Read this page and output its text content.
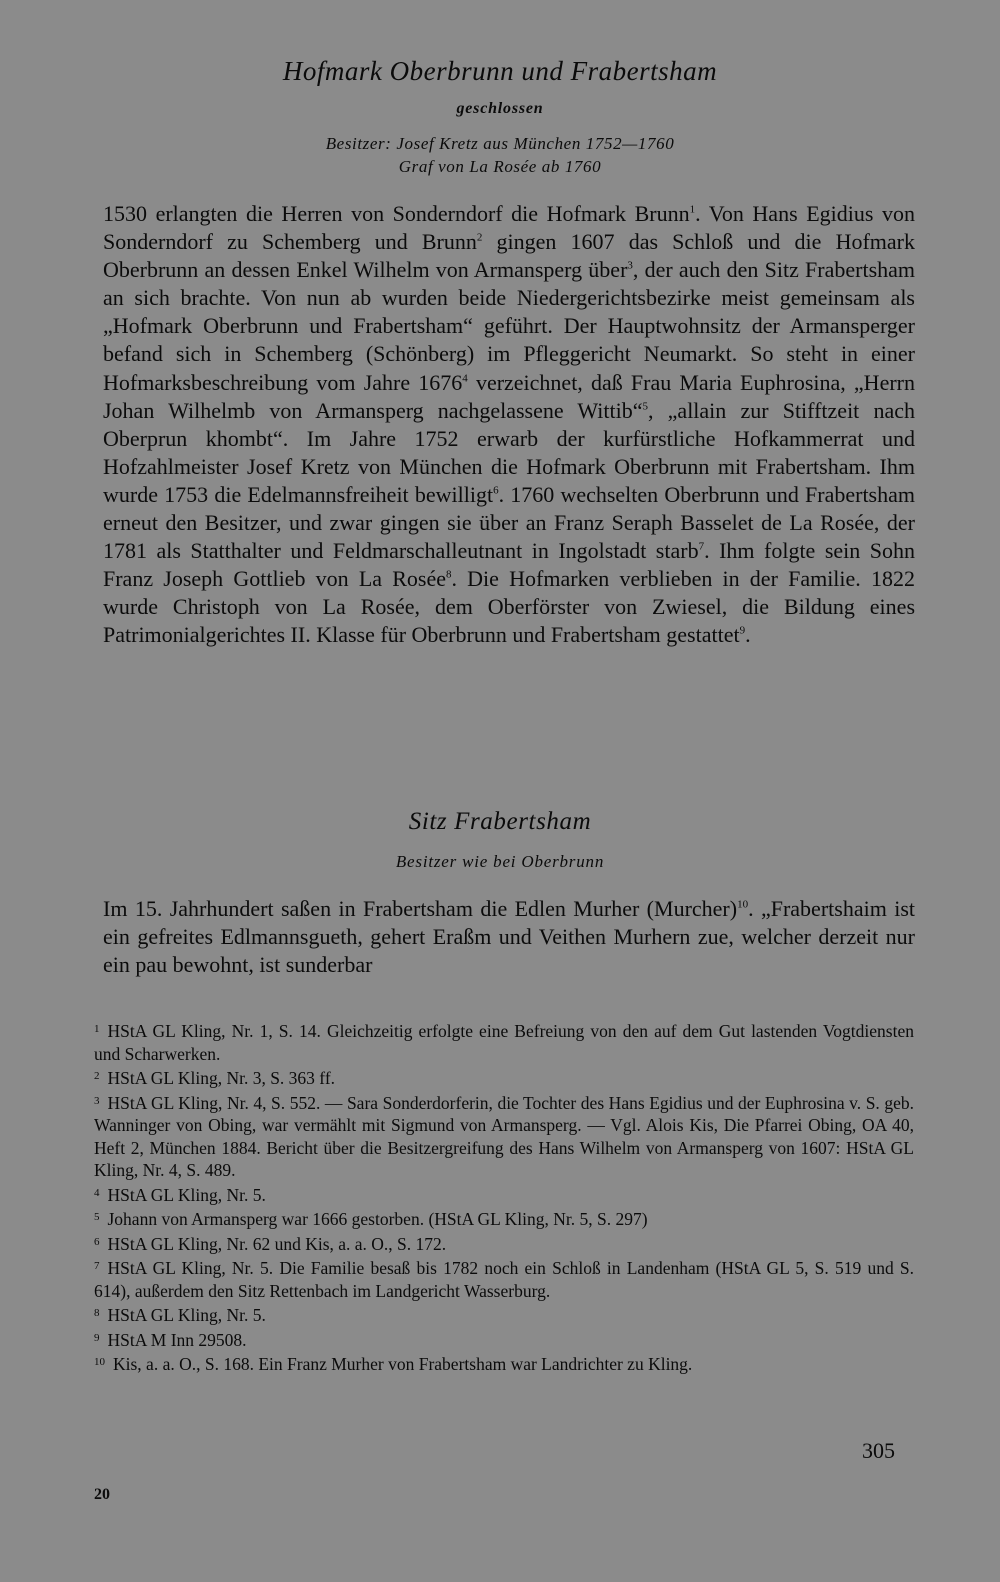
Hofmark Oberbrunn und Frabertsham
geschlossen
Besitzer: Josef Kretz aus München 1752—1760
Graf von La Rosée ab 1760

1530 erlangten die Herren von Sonderndorf die Hofmark Brunn$^1$. Von Hans Egidius von Sonderndorf zu Schemberg und Brunn$^2$ gingen 1607 das Schloß und die Hofmark Oberbrunn an dessen Enkel Wilhelm von Armansperg über$^3$, der auch den Sitz Frabertsham an sich brachte. Von nun ab wurden beide Niedergerichtsbezirke meist gemeinsam als „Hofmark Oberbrunn und Frabertsham“ geführt. Der Hauptwohnsitz der Armansperger befand sich in Schemberg (Schönberg) im Pfleggericht Neumarkt. So steht in einer Hofmarksbeschreibung vom Jahre 1676$^4$ verzeichnet, daß Frau Maria Euphrosina, „Herrn Johan Wilhelmb von Armansperg nachgelassene Wittib“$^5$, „allain zur Stifftzeit nach Oberprun khombt“. Im Jahre 1752 erwarb der kurfürstliche Hofkammerrat und Hofzahlmeister Josef Kretz von München die Hofmark Oberbrunn mit Frabertsham. Ihm wurde 1753 die Edelmannsfreiheit bewilligt$^6$. 1760 wechselten Oberbrunn und Frabertsham erneut den Besitzer, und zwar gingen sie über an Franz Seraph Basselet de La Rosée, der 1781 als Statthalter und Feldmarschalleutnant in Ingolstadt starb$^7$. Ihm folgte sein Sohn Franz Joseph Gottlieb von La Rosée$^8$. Die Hofmarken verblieben in der Familie. 1822 wurde Christoph von La Rosée, dem Oberförster von Zwiesel, die Bildung eines Patrimonialgerichtes II. Klasse für Oberbrunn und Frabertsham gestattet$^9$.

Sitz Frabertsham
Besitzer wie bei Oberbrunn

Im 15. Jahrhundert saßen in Frabertsham die Edlen Murher (Murcher)$^{10}$. „Frabertshaim ist ein gefreites Edlmannsgueth, gehert Eraßm und Veithen Murhern zue, welcher derzeit nur ein pau bewohnt, ist sunderbar

$^1$ HStA GL Kling, Nr. 1, S. 14. Gleichzeitig erfolgte eine Befreiung von den auf dem Gut lastenden Vogtdiensten und Scharwerken.

$^2$ HStA GL Kling, Nr. 3, S. 363 ff.

$^3$ HStA GL Kling, Nr. 4, S. 552. — Sara Sonderdorferin, die Tochter des Hans Egidius und der Euphrosina v. S. geb. Wanninger von Obing, war vermählt mit Sigmund von Armansperg. — Vgl. Alois Kis, Die Pfarrei Obing, OA 40, Heft 2, München 1884. Bericht über die Besitzergreifung des Hans Wilhelm von Armansperg von 1607: HStA GL Kling, Nr. 4, S. 489.

$^4$ HStA GL Kling, Nr. 5.

$^5$ Johann von Armansperg war 1666 gestorben. (HStA GL Kling, Nr. 5, S. 297)

$^6$ HStA GL Kling, Nr. 62 und Kis, a. a. O., S. 172.

$^7$ HStA GL Kling, Nr. 5. Die Familie besaß bis 1782 noch ein Schloß in Landenham (HStA GL 5, S. 519 und S. 614), außerdem den Sitz Rettenbach im Landgericht Wasserburg.

$^8$ HStA GL Kling, Nr. 5.

$^9$ HStA M Inn 29508.

$^{10}$ Kis, a. a. O., S. 168. Ein Franz Murher von Frabertsham war Landrichter zu Kling.

305
20
